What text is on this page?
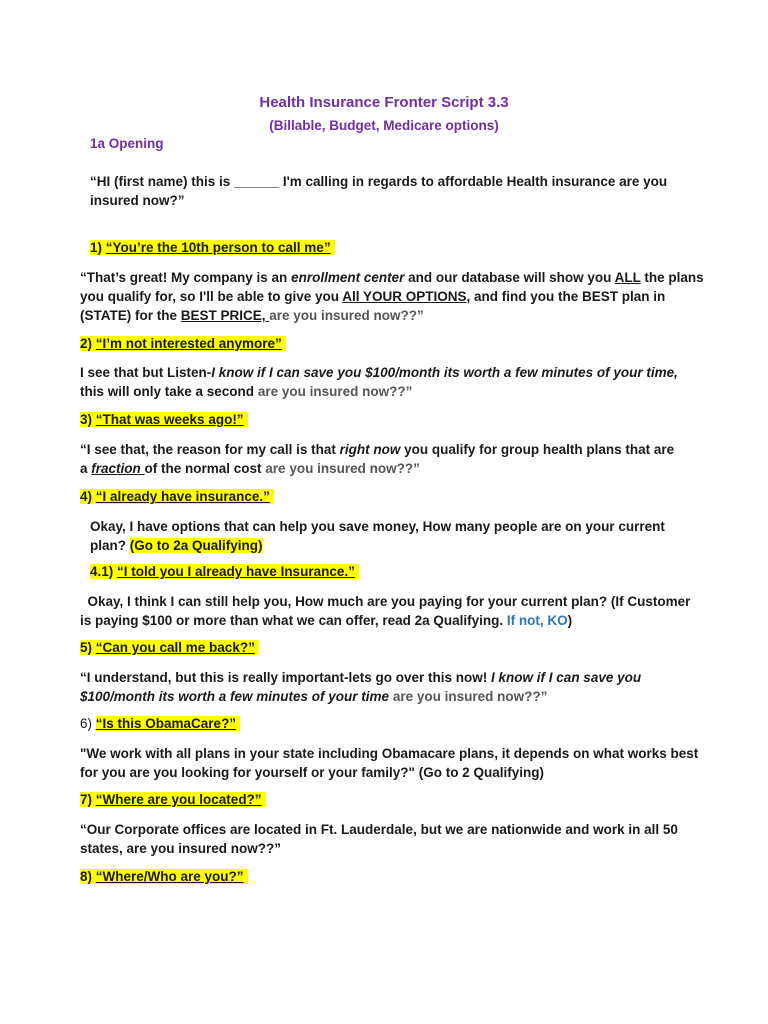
Health Insurance Fronter Script 3.3
(Billable, Budget, Medicare options)
1a Opening
“HI (first name) this is ______ I'm calling in regards to affordable Health insurance are you
insured now?”
1) “You’re the 10th person to call me”
“That’s great! My company is an enrollment center and our database will show you ALL the plans
you qualify for, so I'll be able to give you All YOUR OPTIONS, and find you the BEST plan in
(STATE) for the BEST PRICE, are you insured now??”
2) “I’m not interested anymore”
I see that but Listen-I know if I can save you $100/month its worth a few minutes of your time,
this will only take a second are you insured now??”
3) “That was weeks ago!”
“I see that, the reason for my call is that right now you qualify for group health plans that are
a fraction of the normal cost are you insured now??”
4) “I already have insurance.”
Okay, I have options that can help you save money, How many people are on your current
plan? (Go to 2a Qualifying)
4.1) “I told you I already have Insurance.”
Okay, I think I can still help you, How much are you paying for your current plan? (If Customer
is paying $100 or more than what we can offer, read 2a Qualifying. If not, KO)
5) “Can you call me back?”
“I understand, but this is really important-lets go over this now! I know if I can save you
$100/month its worth a few minutes of your time are you insured now??”
6) “Is this ObamaCare?”
"We work with all plans in your state including Obamacare plans, it depends on what works best
for you are you looking for yourself or your family?" (Go to 2 Qualifying)
7) “Where are you located?”
“Our Corporate offices are located in Ft. Lauderdale, but we are nationwide and work in all 50
states, are you insured now??”
8) “Where/Who are you?”
